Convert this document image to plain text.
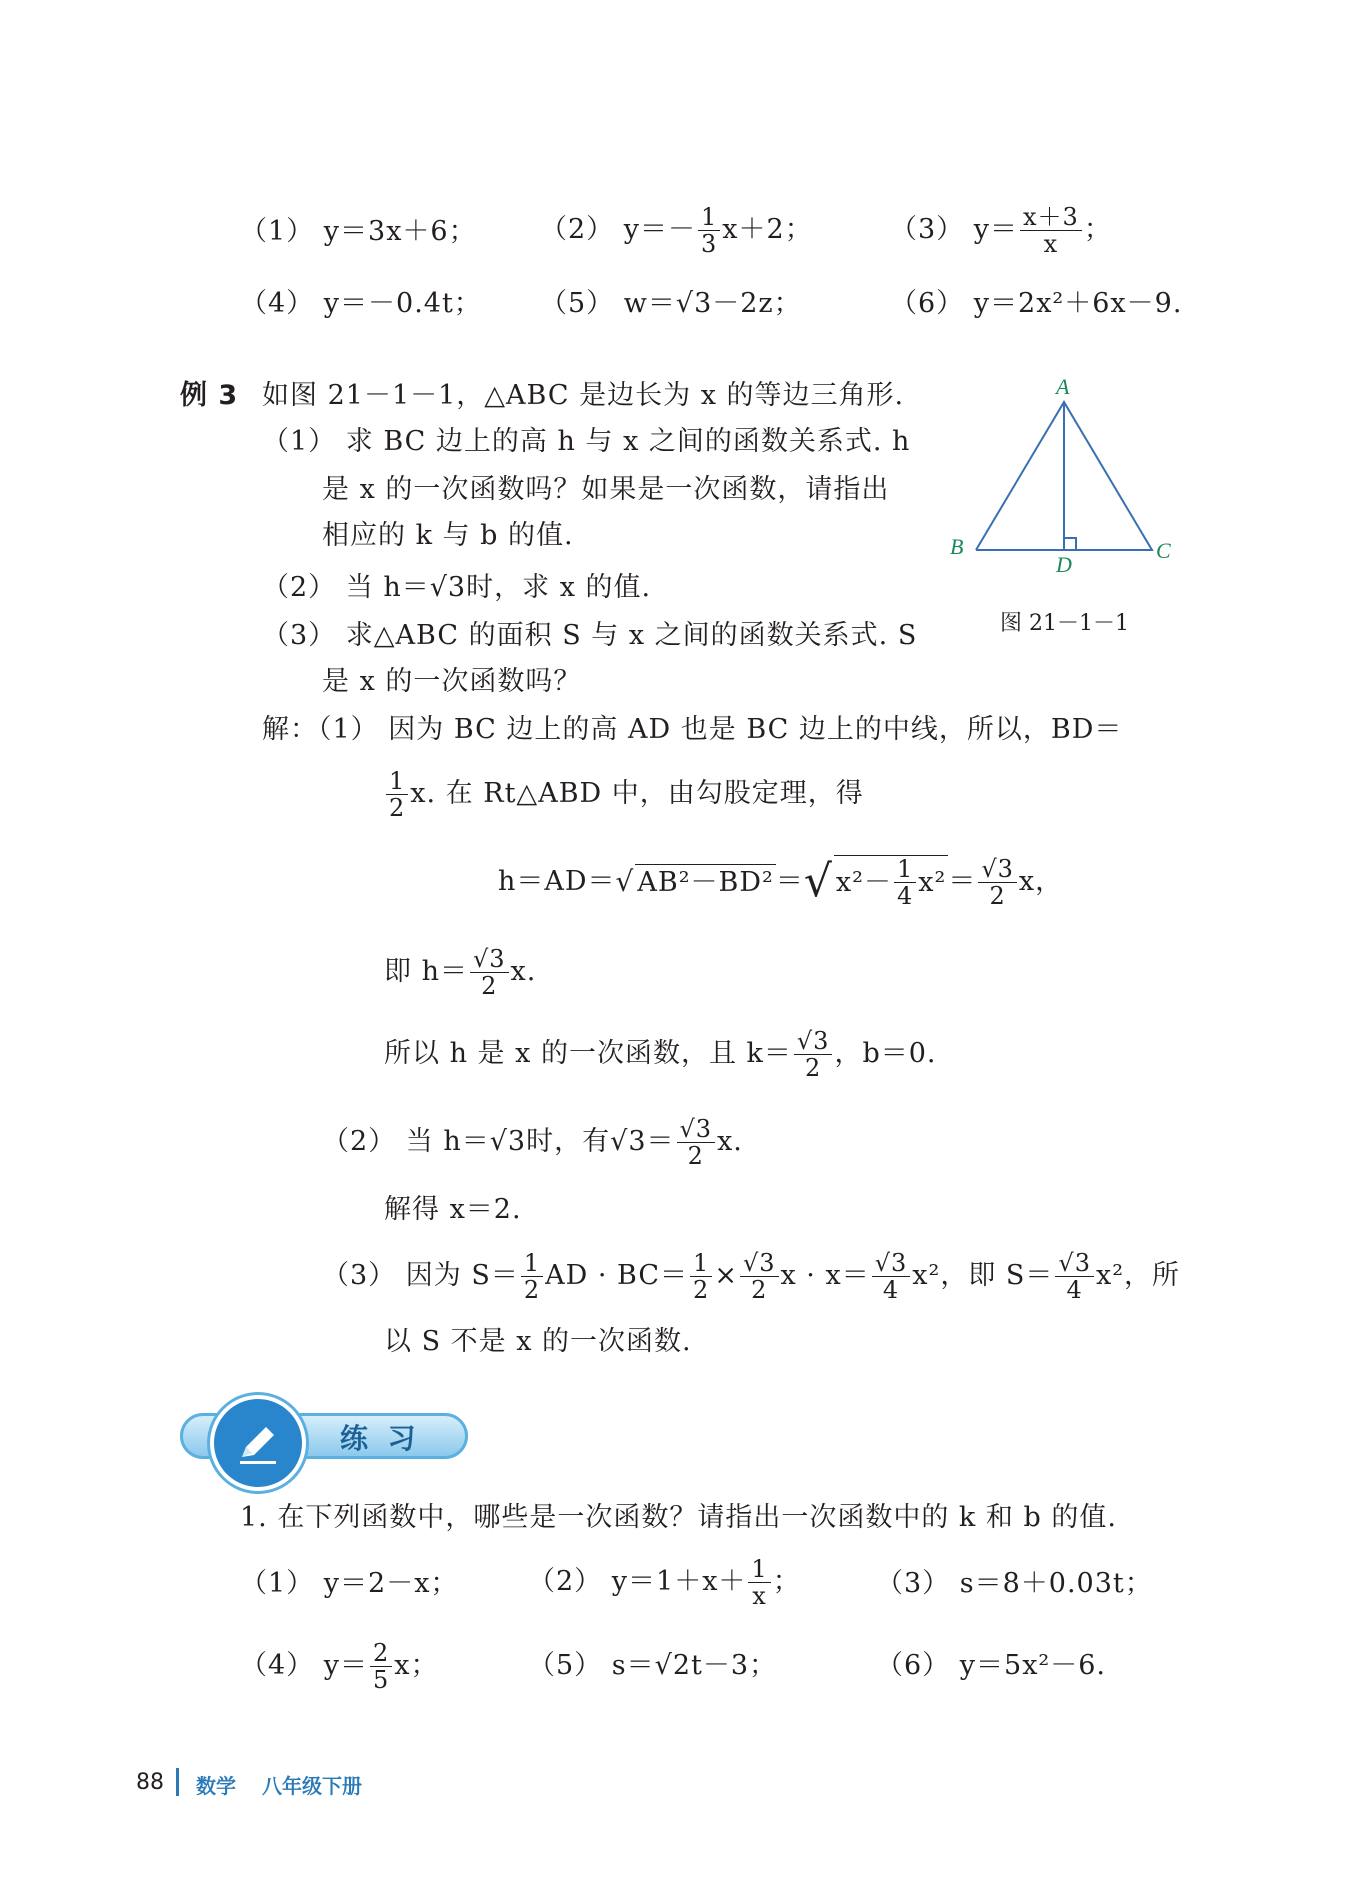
（1） y＝3x＋6； （2） $y=- \frac{1}{3} x+2$；	（3） $y= \frac{x+3}{x}$ ；
（4） y＝－0.4t； （5） w＝√3－2z；	（6） y＝2x²＋6x－9.
例 3 如图 21－1－1，△ABC 是边长为 x 的等边三角形.
（1） 求 BC 边上的高 h 与 x 之间的函数关系式. h
是 x 的一次函数吗？如果是一次函数，请指出
相应的 k 与 b 的值.
（2） 当 h＝√3时，求 x 的值.
（3） 求△ABC 的面积 S 与 x 之间的函数关系式. S
是 x 的一次函数吗？
A
B	C
D
图 21－1－1
解：（1） 因为 BC 边上的高 AD 也是 BC 边上的中线，所以，BD＝
$\frac{1}{2} x$. 在 Rt△ABD 中，由勾股定理，得
h＝AD＝ √ AB²－BD² ＝ √ $x^2- \frac{1}{4} x^2 = \frac{√3}{2}$ x，
即 $h= \frac{√3}{2} x$.
所以 h 是 x 的一次函数，且 $k= \frac{√3}{2}$ ，b＝0.
（2） 当 h＝√3时，有$√3= \frac{√3}{2} x$.
解得 x＝2.
（3） 因为 $S= \frac{1}{2}$ AD · $BC= \frac{1}{2} \times \frac{√3}{2}$ $x \cdot x= \frac{√3}{4} x^2$，即 $S= \frac{√3}{4} x^2$，所
以 S 不是 x 的一次函数.
练  习
1. 在下列函数中，哪些是一次函数？请指出一次函数中的 k 和 b 的值.
（1） y＝2－x；	（2） $y=1+x+ \frac{1}{x}$ ；	（3） s＝8＋0.03t；
（4） $y= \frac{2}{5}$ x；	（5） s＝√2t－3；	（6） y＝5x²－6.
88 数学 八年级下册
